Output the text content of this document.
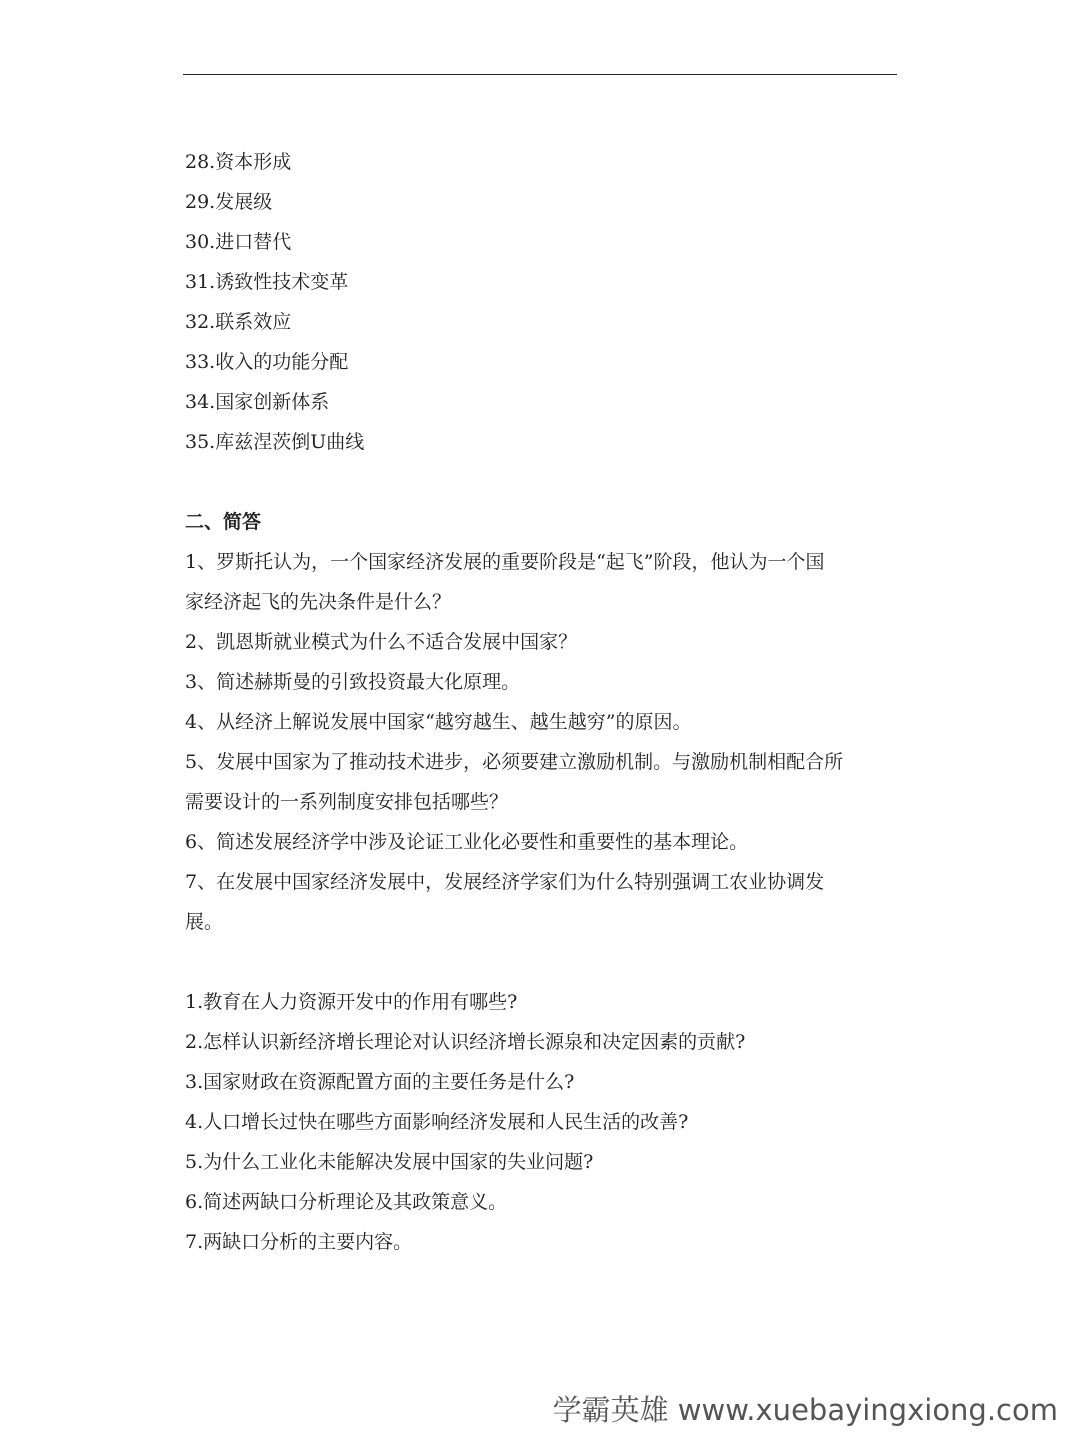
28.资本形成
29.发展级
30.进口替代
31.诱致性技术变革
32.联系效应
33.收入的功能分配
34.国家创新体系
35.库兹涅茨倒U曲线
二、简答
1、罗斯托认为，一个国家经济发展的重要阶段是“起飞”阶段，他认为一个国
家经济起飞的先决条件是什么？
2、凯恩斯就业模式为什么不适合发展中国家？
3、简述赫斯曼的引致投资最大化原理。
4、从经济上解说发展中国家“越穷越生、越生越穷”的原因。
5、发展中国家为了推动技术进步，必须要建立激励机制。与激励机制相配合所
需要设计的一系列制度安排包括哪些？
6、简述发展经济学中涉及论证工业化必要性和重要性的基本理论。
7、在发展中国家经济发展中，发展经济学家们为什么特别强调工农业协调发
展。
1.教育在人力资源开发中的作用有哪些?
2.怎样认识新经济增长理论对认识经济增长源泉和决定因素的贡献?
3.国家财政在资源配置方面的主要任务是什么?
4.人口增长过快在哪些方面影响经济发展和人民生活的改善?
5.为什么工业化未能解决发展中国家的失业问题?
6.简述两缺口分析理论及其政策意义。
7.两缺口分析的主要内容。
学霸英雄 www.xuebayingxiong.com
